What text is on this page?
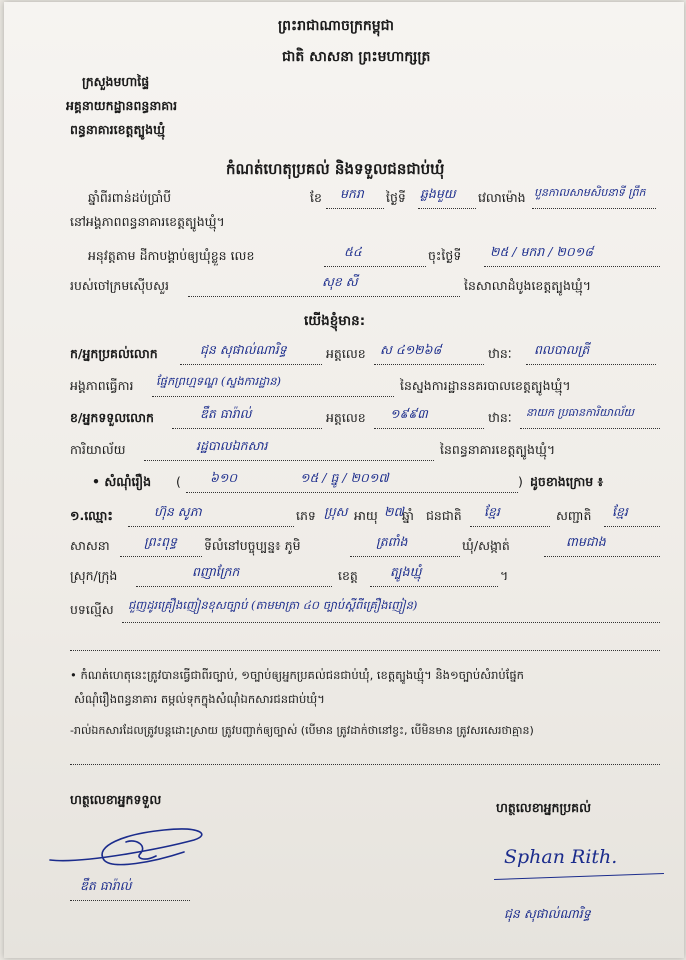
ព្រះរាជាណាចក្រកម្ពុជា
ជាតិ សាសនា ព្រះមហាក្សត្រ
ក្រសួងមហាផ្ទៃ
អគ្គនាយកដ្ឋានពន្ធនាគារ
ពន្ធនាគារខេត្តត្បូងឃ្មុំ
កំណត់ហេតុប្រគល់ និងទទួលជនជាប់ឃុំ
ឆ្នាំពីរពាន់ដប់ប្រាំបី	ខែ មករា ថ្ងៃទី ឆ្លងមួយ វេលាម៉ោង បួនកាលសាមសិបនាទី ព្រឹក
នៅអង្គភាពពន្ធនាគារខេត្តត្បូងឃ្មុំ។
អនុវត្តតាម ដីកាបង្គាប់ឲ្យឃុំខ្លួន លេខ	៥៤	ចុះថ្ងៃទី ២៥ / មករា / ២០១៨
របស់ចៅក្រមស៊ើបសួរ	សុខ សី	នៃសាលាដំបូងខេត្តត្បូងឃ្មុំ។
យើងខ្ញុំមាន:
ក/អ្នកប្រគល់លោក	ជុន សុផាល់ណារិទ្ធ	អត្តលេខ ស ៤១២៦៨	ឋានៈ ពលបាលត្រី
អង្គភាពធ្វើការ ផ្នែកព្រហ្មទណ្ឌ (ស្នងការដ្ឋាន)	នៃស្នងការដ្ឋាននគរបាលខេត្តត្បូងឃ្មុំ។
ខ/អ្នកទទួលលោក	ឌឹត ធារ៉ាល់	អត្តលេខ ១៩៩៣	ឋានៈ នាយក ប្រធានការិយាល័យ
ការិយាល័យ	រដ្ឋបាលឯកសារ	នៃពន្ធនាគារខេត្តត្បូងឃ្មុំ។
• សំណុំរឿង ( ៦១០	១៥ / ធ្នូ / ២០១៧	) ដូចខាងក្រោម ៖
១.ឈ្មោះ	ហ៊ុន សូភា	ភេទ ប្រុស អាយុ ២៧
ឆ្នាំ ជនជាតិ ខ្មែរ	សញ្ជាតិ ខ្មែរ
សាសនា	ព្រះពុទ្ធ ទីលំនៅបច្ចុប្បន្ន៖ ភូមិ	ត្រពាំង	ឃុំ/សង្កាត់	ពាមជាង
ស្រុក/ក្រុង	ពញាក្រែក	ខេត្ត	ត្បូងឃ្មុំ	។
បទល្មើស ជួញដូរគ្រឿងញៀនខុសច្បាប់ (តាមមាត្រា ៤០ ច្បាប់ស្តីពីគ្រឿងញៀន)
• កំណត់ហេតុនេះត្រូវបានធ្វើជាពីរច្បាប់, ១ច្បាប់ឲ្យអ្នកប្រគល់ជនជាប់ឃុំ, ខេត្តត្បូងឃ្មុំ។ និង១ច្បាប់សំរាប់ផ្នែក
សំណុំរឿងពន្ធនាគារ តម្កល់ទុកក្នុងសំណុំឯកសារជនជាប់ឃុំ។
-រាល់ឯកសារដែលត្រូវបន្តដោះស្រាយ ត្រូវបញ្ជាក់ឲ្យច្បាស់ (បើមាន ត្រូវដាក់ថានៅខ្វះ, បើមិនមាន ត្រូវសរសេរថាគ្មាន)
ហត្ថលេខាអ្នកទទួល
ហត្ថលេខាអ្នកប្រគល់
ឌឹត ធារ៉ាល់
Sphan Rith.
ជុន សុផាល់ណារិទ្ធ
